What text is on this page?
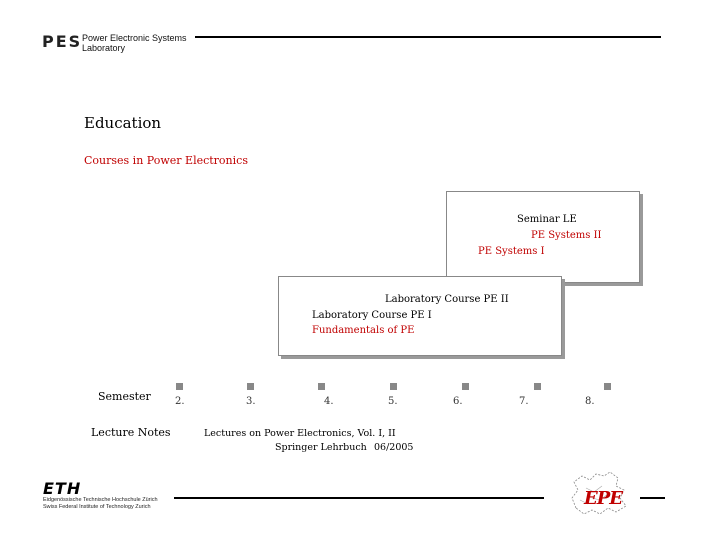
PES Power Electronic Systems
Laboratory
Education
Courses in Power Electronics
Seminar LE
PE Systems II
PE Systems I
Laboratory Course PE II
Laboratory Course PE I
Fundamentals of PE
Semester 2.	3.	4.	5.	6.	7.	8.
Lecture Notes	Lectures on Power Electronics, Vol. I, II
Springer Lehrbuch 06/2005
ETH
Eidgenössische Technische Hochschule Zürich
Swiss Federal Institute of Technology Zurich	EPE
